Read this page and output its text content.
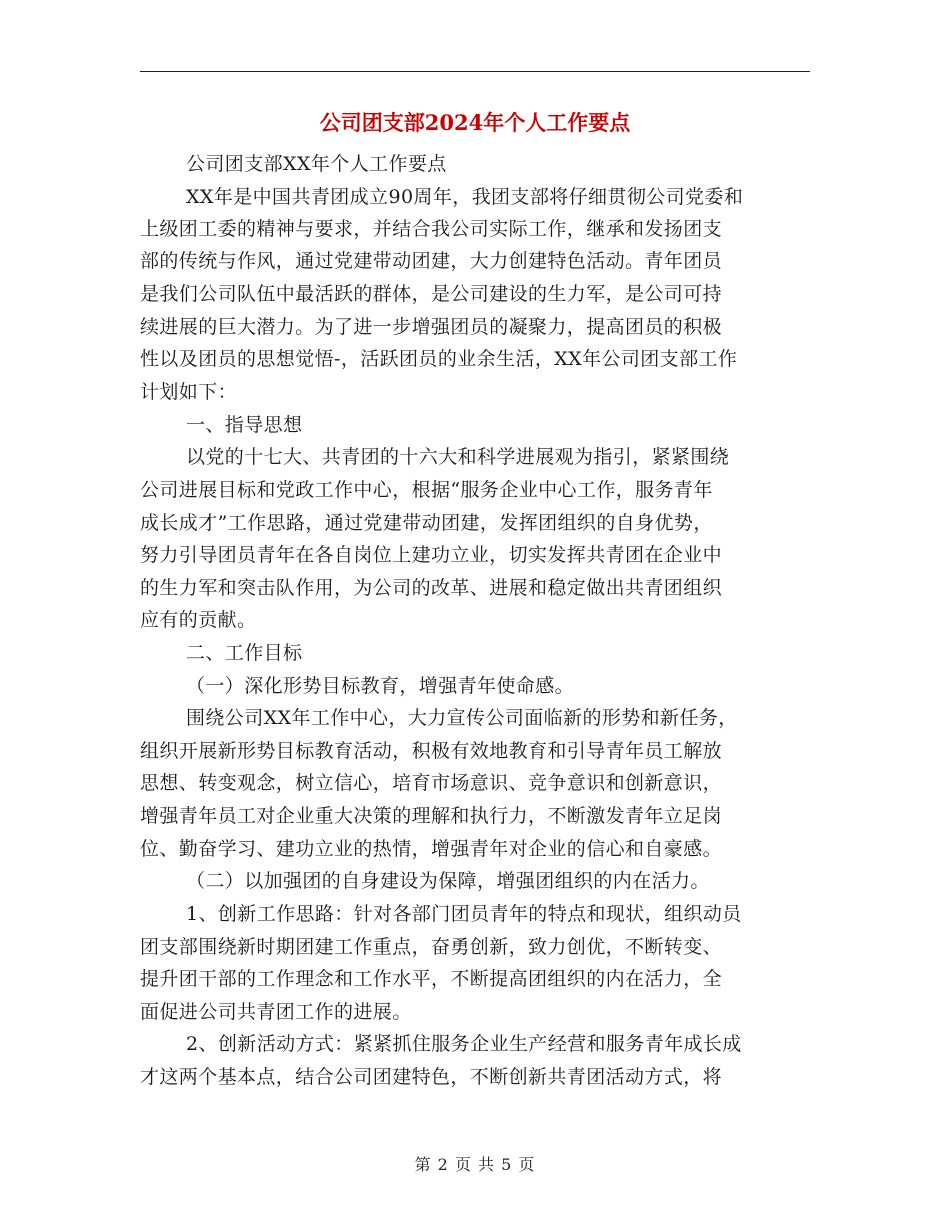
公司团支部2024年个人工作要点
公司团支部XX年个人工作要点
XX年是中国共青团成立90周年，我团支部将仔细贯彻公司党委和
上级团工委的精神与要求，并结合我公司实际工作，继承和发扬团支
部的传统与作风，通过党建带动团建，大力创建特色活动。青年团员
是我们公司队伍中最活跃的群体，是公司建设的生力军，是公司可持
续进展的巨大潜力。为了进一步增强团员的凝聚力，提高团员的积极
性以及团员的思想觉悟-，活跃团员的业余生活，XX年公司团支部工作
计划如下：
一、指导思想
以党的十七大、共青团的十六大和科学进展观为指引，紧紧围绕
公司进展目标和党政工作中心，根据“服务企业中心工作，服务青年
成长成才”工作思路，通过党建带动团建，发挥团组织的自身优势，
努力引导团员青年在各自岗位上建功立业，切实发挥共青团在企业中
的生力军和突击队作用，为公司的改革、进展和稳定做出共青团组织
应有的贡献。
二、工作目标
（一）深化形势目标教育，增强青年使命感。
围绕公司XX年工作中心，大力宣传公司面临新的形势和新任务，
组织开展新形势目标教育活动，积极有效地教育和引导青年员工解放
思想、转变观念，树立信心，培育市场意识、竞争意识和创新意识，
增强青年员工对企业重大决策的理解和执行力，不断激发青年立足岗
位、勤奋学习、建功立业的热情，增强青年对企业的信心和自豪感。
（二）以加强团的自身建设为保障，增强团组织的内在活力。
1、创新工作思路：针对各部门团员青年的特点和现状，组织动员
团支部围绕新时期团建工作重点，奋勇创新，致力创优，不断转变、
提升团干部的工作理念和工作水平，不断提高团组织的内在活力，全
面促进公司共青团工作的进展。
2、创新活动方式：紧紧抓住服务企业生产经营和服务青年成长成
才这两个基本点，结合公司团建特色，不断创新共青团活动方式，将
第 2 页 共 5 页
